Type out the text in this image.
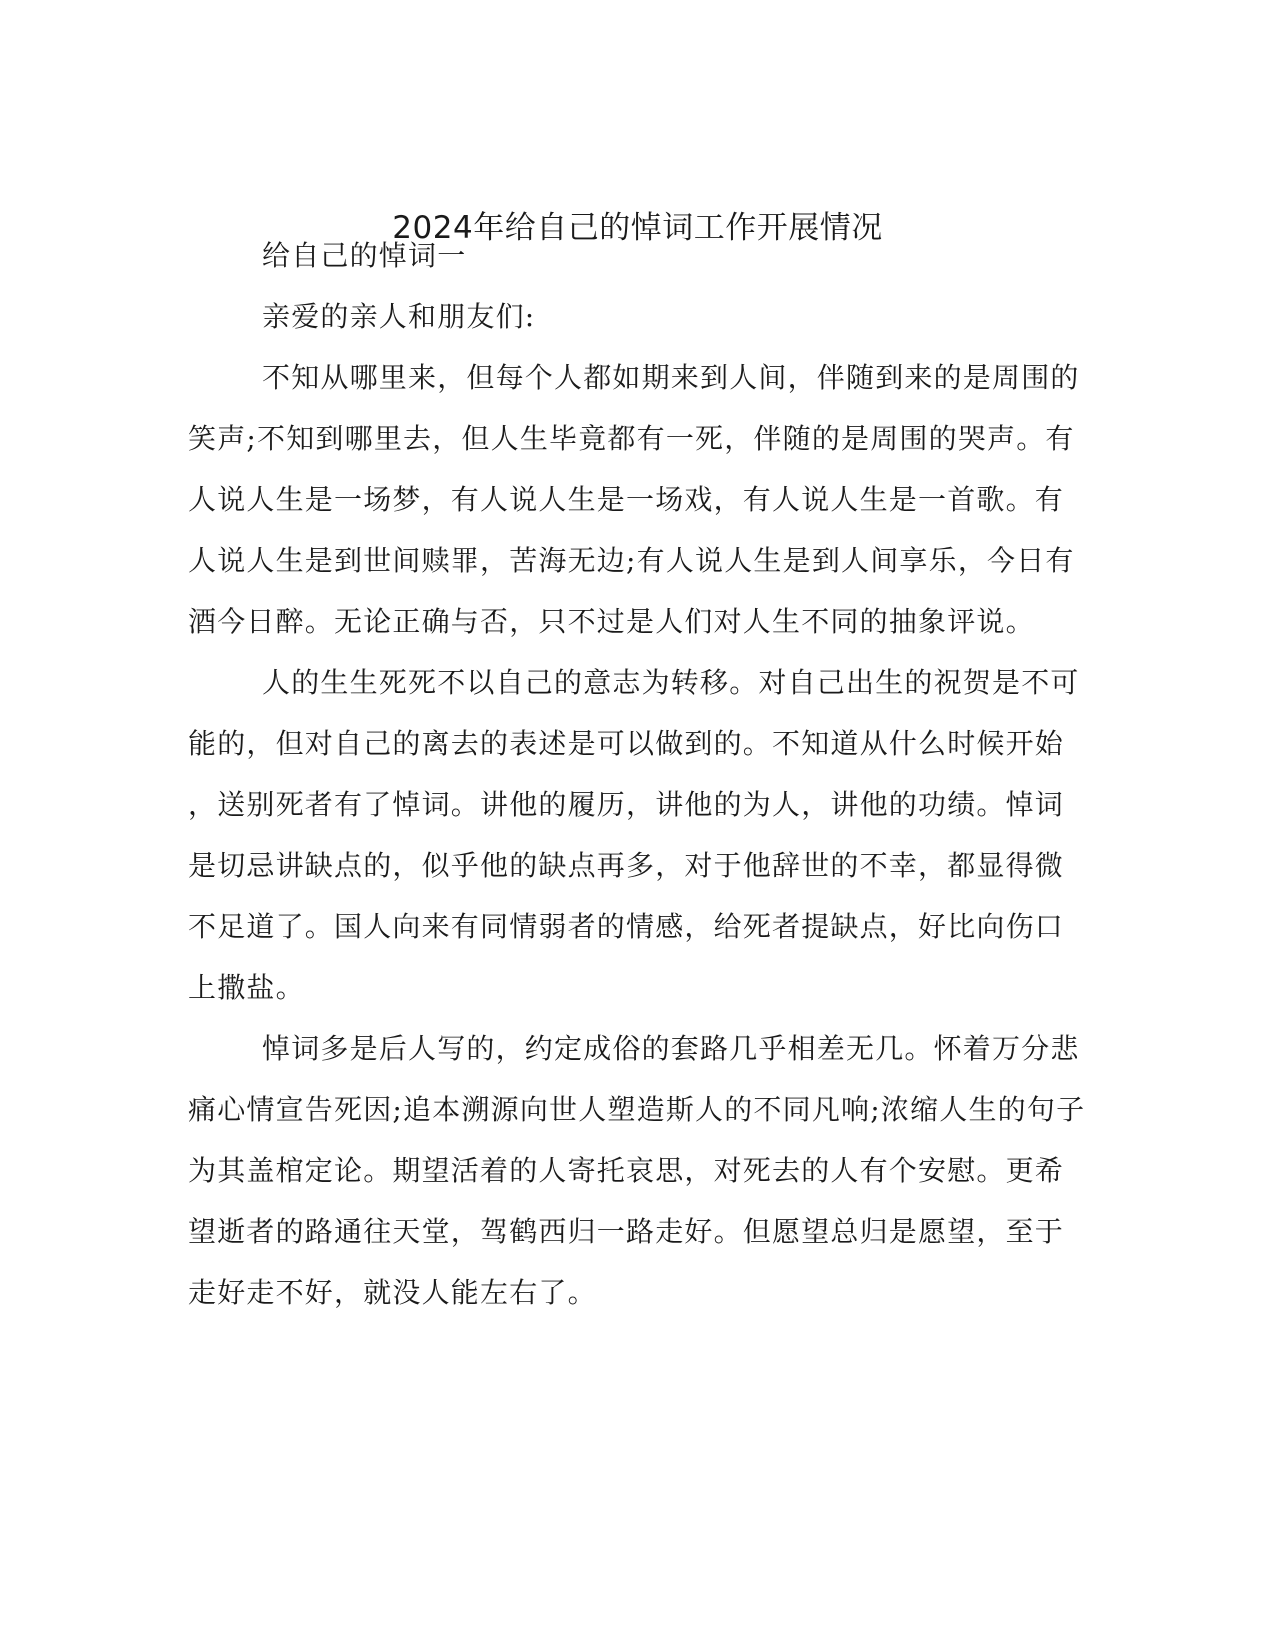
2024年给自己的悼词工作开展情况

给自己的悼词一

亲爱的亲人和朋友们:

不知从哪里来，但每个人都如期来到人间，伴随到来的是周围的

笑声;不知到哪里去，但人生毕竟都有一死，伴随的是周围的哭声。有

人说人生是一场梦，有人说人生是一场戏，有人说人生是一首歌。有

人说人生是到世间赎罪，苦海无边;有人说人生是到人间享乐，今日有

酒今日醉。无论正确与否，只不过是人们对人生不同的抽象评说。

人的生生死死不以自己的意志为转移。对自己出生的祝贺是不可

能的，但对自己的离去的表述是可以做到的。不知道从什么时候开始

，送别死者有了悼词。讲他的履历，讲他的为人，讲他的功绩。悼词

是切忌讲缺点的，似乎他的缺点再多，对于他辞世的不幸，都显得微

不足道了。国人向来有同情弱者的情感，给死者提缺点，好比向伤口

上撒盐。

悼词多是后人写的，约定成俗的套路几乎相差无几。怀着万分悲

痛心情宣告死因;追本溯源向世人塑造斯人的不同凡响;浓缩人生的句子

为其盖棺定论。期望活着的人寄托哀思，对死去的人有个安慰。更希

望逝者的路通往天堂，驾鹤西归一路走好。但愿望总归是愿望，至于

走好走不好，就没人能左右了。
